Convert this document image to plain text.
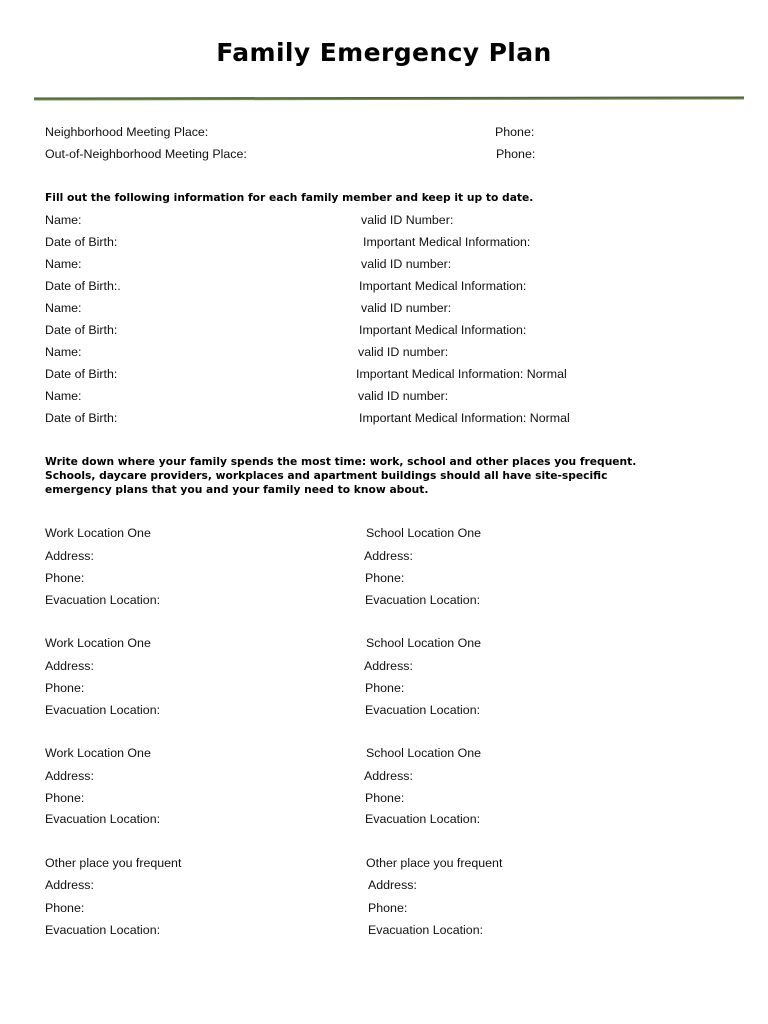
Family Emergency Plan
Neighborhood Meeting Place:	Phone:
Out-of-Neighborhood Meeting Place:	Phone:
Fill out the following information for each family member and keep it up to date.
Name:	valid ID Number:
Date of Birth:	Important Medical Information:
Name:	valid ID number:
Date of Birth:.	Important Medical Information:
Name:	valid ID number:
Date of Birth:	Important Medical Information:
Name:	valid ID number:
Date of Birth:	Important Medical Information: Normal
Name:	valid ID number:
Date of Birth:	Important Medical Information: Normal
Write down where your family spends the most time: work, school and other places you frequent.
Schools, daycare providers, workplaces and apartment buildings should all have site-specific
emergency plans that you and your family need to know about.
Work Location One	School Location One
Address:	Address:
Phone:	Phone:
Evacuation Location:	Evacuation Location:
Work Location One	School Location One
Address:	Address:
Phone:	Phone:
Evacuation Location:	Evacuation Location:
Work Location One	School Location One
Address:	Address:
Phone:	Phone:
Evacuation Location:	Evacuation Location:
Other place you frequent	Other place you frequent
Address:	Address:
Phone:	Phone:
Evacuation Location:	Evacuation Location:
